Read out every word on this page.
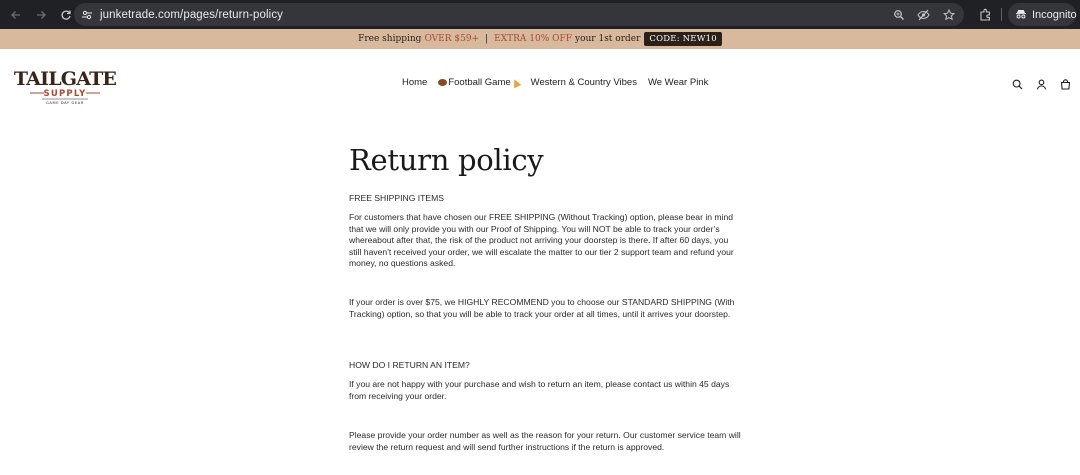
junketrade.com/pages/return-policy	Incognito
Free shipping OVER $59+ | EXTRA 10% OFF your 1st order	CODE: NEW10
TAILGATE
SUPPLY
GAME DAY GEAR
Home Football Game Western & Country Vibes We Wear Pink
Return policy

FREE SHIPPING ITEMS

For customers that have chosen our FREE SHIPPING (Without Tracking) option, please bear in mind that we will only provide you with our Proof of Shipping. You will NOT be able to track your order’s whereabout after that, the risk of the product not arriving your doorstep is there. If after 60 days, you still haven't received your order, we will escalate the matter to our tier 2 support team and refund your money, no questions asked.

If your order is over $75, we HIGHLY RECOMMEND you to choose our STANDARD SHIPPING (With Tracking) option, so that you will be able to track your order at all times, until it arrives your doorstep.

HOW DO I RETURN AN ITEM?

If you are not happy with your purchase and wish to return an item, please contact us within 45 days from receiving your order.

Please provide your order number as well as the reason for your return. Our customer service team will review the return request and will send further instructions if the return is approved.
